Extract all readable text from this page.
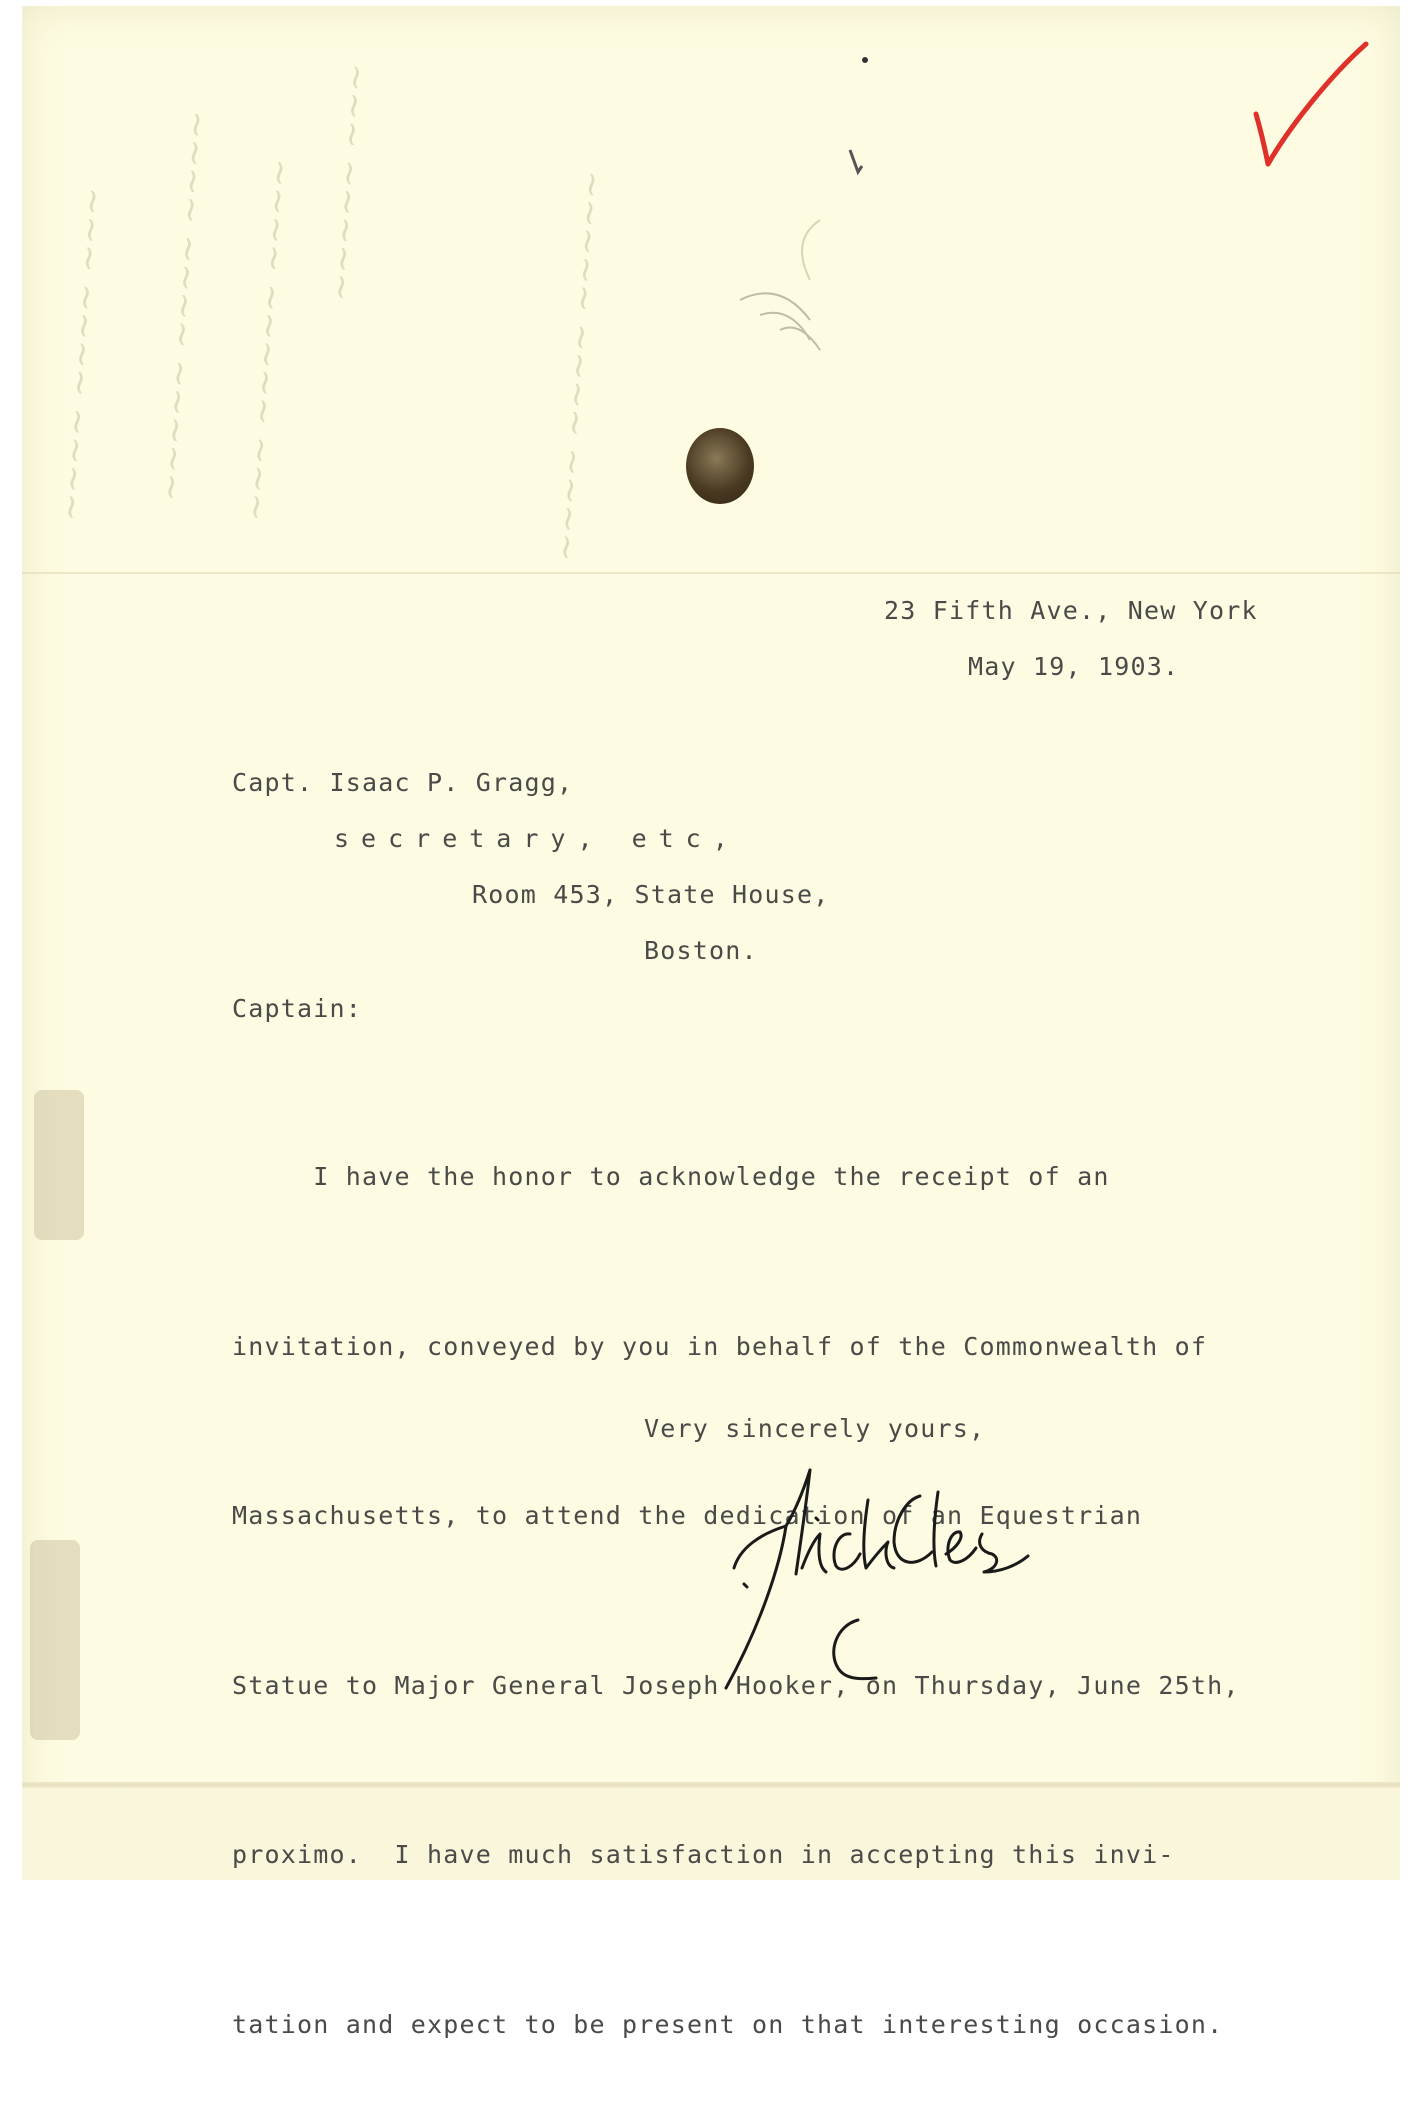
~~~~ ~~~~ ~~~ ~~~~~ ~~~~ ~~~~ ~~~ ~~~~~ ~~~~ ~~~~~ ~~~	~~~~ ~~~~ ~~~~~

23 Fifth Ave., New York

May 19, 1903.

Capt. Isaac P. Gragg,

secretary, etc,

Room 453, State House,

Boston.

Captain:

I have the honor to acknowledge the receipt of an

invitation, conveyed by you in behalf of the Commonwealth of

Massachusetts, to attend the dedication of an Equestrian

Statue to Major General Joseph Hooker, on Thursday, June 25th,

proximo.  I have much satisfaction in accepting this invi-

tation and expect to be present on that interesting occasion.

Very sincerely yours,
